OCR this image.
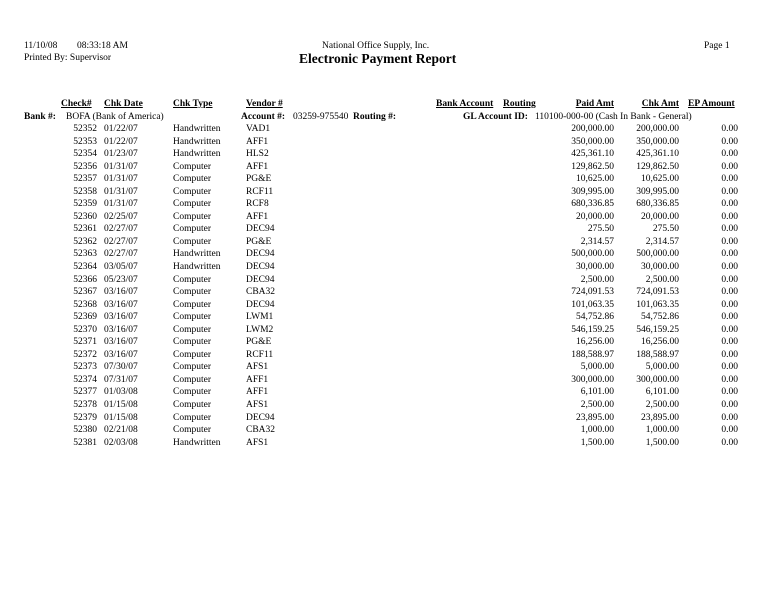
11/10/08 08:33:18 AM
Printed By: Supervisor
National Office Supply, Inc.
Electronic Payment Report
Page 1
Check# Chk Date	Chk Type	Vendor #	Bank Account Routing	Paid Amt	Chk Amt EP Amount
Bank #: BOFA (Bank of America)	Account #: 03259-975540 Routing #:	GL Account ID: 110100-000-00 (Cash In Bank - General)
52352 01/22/07	Handwritten	VAD1	200,000.00	200,000.00	0.00
52353 01/22/07	Handwritten	AFF1	350,000.00	350,000.00	0.00
52354 01/23/07	Handwritten	HLS2	425,361.10	425,361.10	0.00
52356 01/31/07	Computer	AFF1	129,862.50	129,862.50	0.00
52357 01/31/07	Computer	PG&E	10,625.00	10,625.00	0.00
52358 01/31/07	Computer	RCF11	309,995.00	309,995.00	0.00
52359 01/31/07	Computer	RCF8	680,336.85	680,336.85	0.00
52360 02/25/07	Computer	AFF1	20,000.00	20,000.00	0.00
52361 02/27/07	Computer	DEC94	275.50	275.50	0.00
52362 02/27/07	Computer	PG&E	2,314.57	2,314.57	0.00
52363 02/27/07	Handwritten	DEC94	500,000.00	500,000.00	0.00
52364 03/05/07	Handwritten	DEC94	30,000.00	30,000.00	0.00
52366 05/23/07	Computer	DEC94	2,500.00	2,500.00	0.00
52367 03/16/07	Computer	CBA32	724,091.53	724,091.53	0.00
52368 03/16/07	Computer	DEC94	101,063.35	101,063.35	0.00
52369 03/16/07	Computer	LWM1	54,752.86	54,752.86	0.00
52370 03/16/07	Computer	LWM2	546,159.25	546,159.25	0.00
52371 03/16/07	Computer	PG&E	16,256.00	16,256.00	0.00
52372 03/16/07	Computer	RCF11	188,588.97	188,588.97	0.00
52373 07/30/07	Computer	AFS1	5,000.00	5,000.00	0.00
52374 07/31/07	Computer	AFF1	300,000.00	300,000.00	0.00
52377 01/03/08	Computer	AFF1	6,101.00	6,101.00	0.00
52378 01/15/08	Computer	AFS1	2,500.00	2,500.00	0.00
52379 01/15/08	Computer	DEC94	23,895.00	23,895.00	0.00
52380 02/21/08	Computer	CBA32	1,000.00	1,000.00	0.00
52381 02/03/08	Handwritten	AFS1	1,500.00	1,500.00	0.00
